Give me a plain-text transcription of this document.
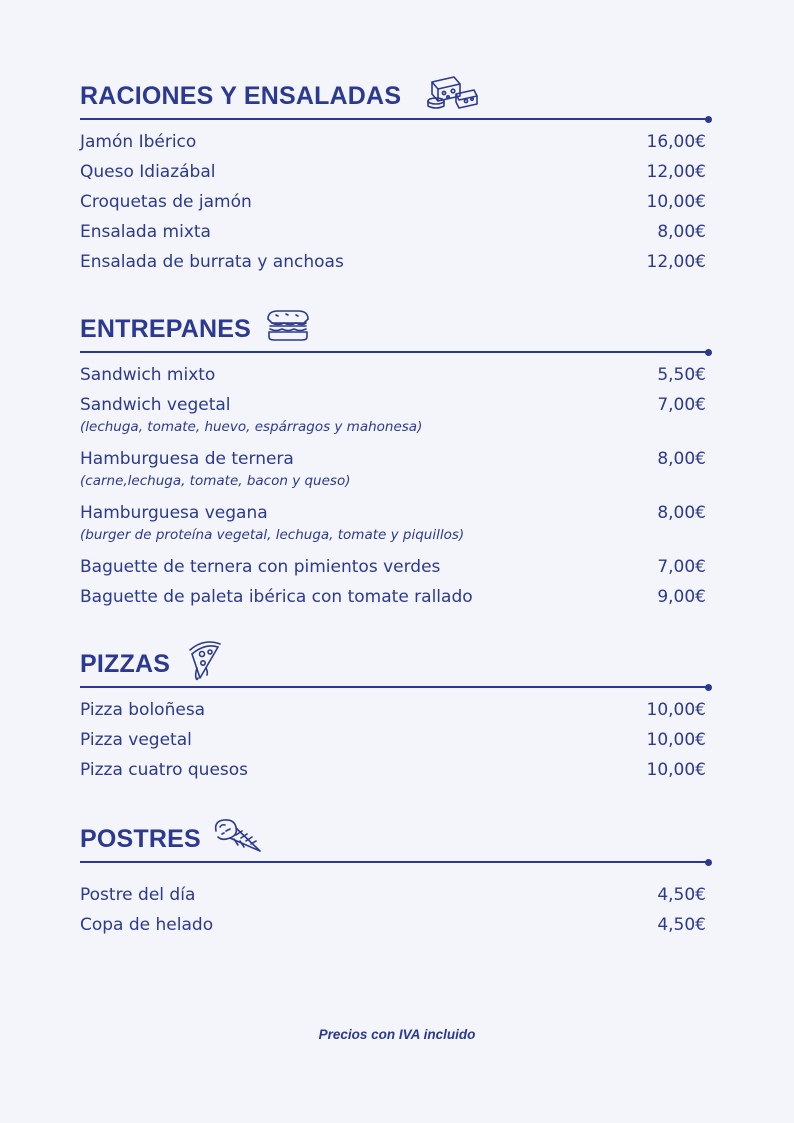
RACIONES Y ENSALADAS
Jamón Ibérico	16,00€
Queso Idiazábal	12,00€
Croquetas de jamón	10,00€
Ensalada mixta	8,00€
Ensalada de burrata y anchoas	12,00€
ENTREPANES
Sandwich mixto	5,50€
Sandwich vegetal	7,00€
(lechuga, tomate, huevo, espárragos y mahonesa)
Hamburguesa de ternera	8,00€
(carne,lechuga, tomate, bacon y queso)
Hamburguesa vegana	8,00€
(burger de proteína vegetal, lechuga, tomate y piquillos)
Baguette de ternera con pimientos verdes	7,00€
Baguette de paleta ibérica con tomate rallado	9,00€
PIZZAS
Pizza boloñesa	10,00€
Pizza vegetal	10,00€
Pizza cuatro quesos	10,00€
POSTRES
Postre del día	4,50€
Copa de helado	4,50€
Precios con IVA incluido
